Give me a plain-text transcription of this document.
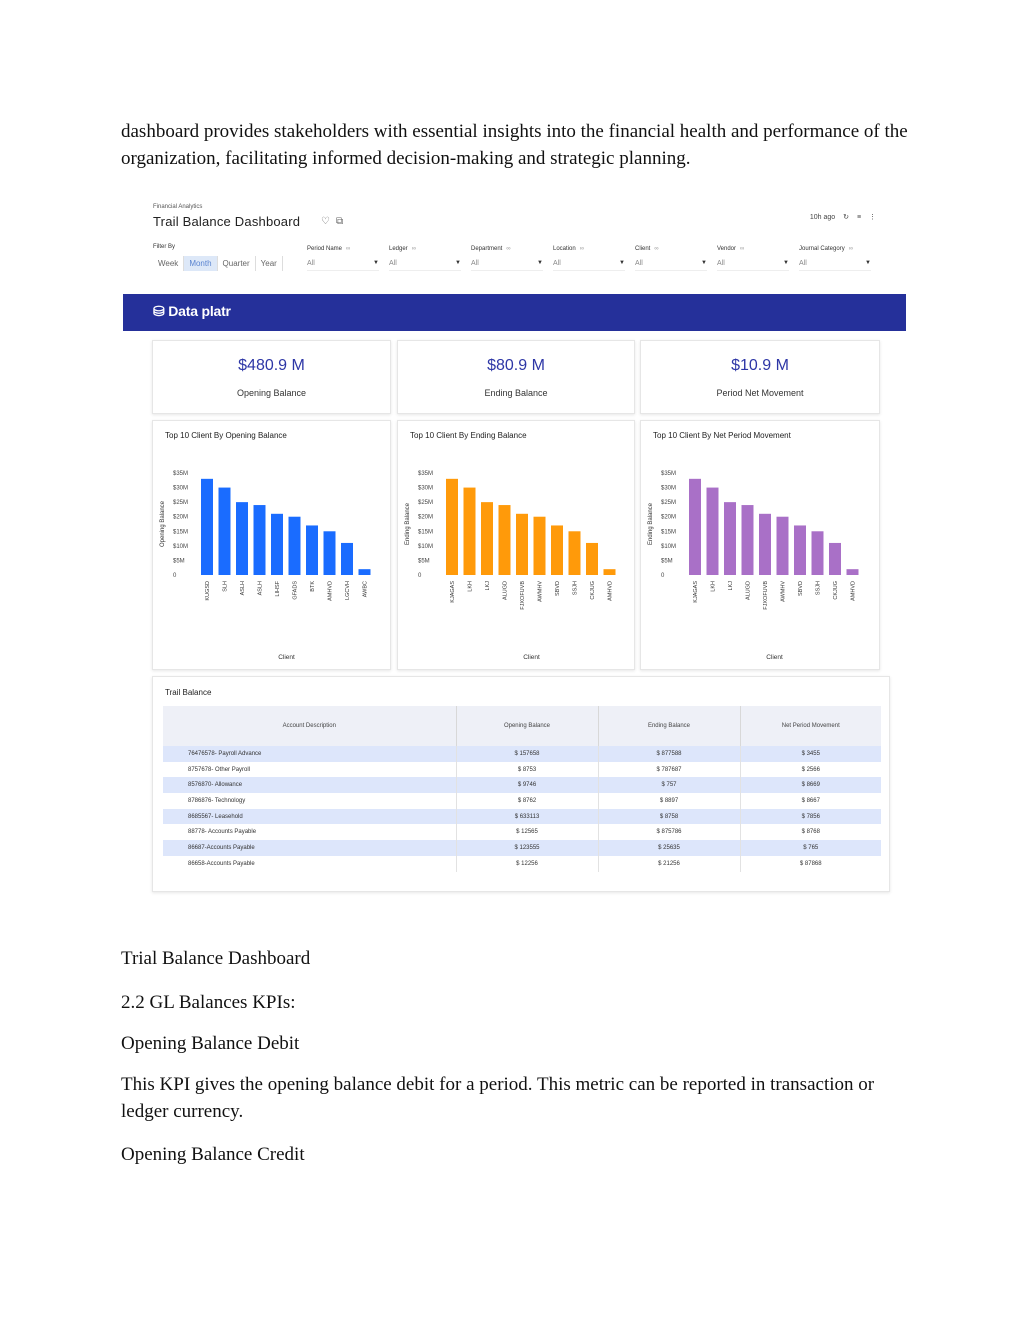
dashboard provides stakeholders with essential insights into the financial health and performance of the organization, facilitating informed decision-making and strategic planning.
Financial Analytics
Trail Balance Dashboard ♡ ⧉	10h ago ↻ ≡ ⋮
Filter By
Week	Month	Quarter	Year
Period Name ∞
All	▼
Ledger ∞
All	▼
Department ∞
All	▼
Location ∞
All	▼
Client ∞
All	▼
Vendor ∞
All	▼
Journal Category ∞
All	▼
⛁ Data platr
$480.9 M
Opening Balance
$80.9 M
Ending Balance
$10.9 M
Period Net Movement
Top 10 Client By Opening Balance
0
$5M
$10M
$15M
$20M
$25M
$30M
$35M
Opening Balance
KUGSD SLH ASLH ASLH LIHSF GFADS BTK AMHVD LGCVH AWBC
Client
Top 10 Client By Ending Balance
0
$5M
$10M
$15M
$20M
$25M
$30M
$35M
Ending Balance
KJAGAS LKH LKJ ALUGD FJXOFUVB AWMHV SBVD SSJH CKJUG AMHVD
Client
Top 10 Client By Net Period Movement
0
$5M
$10M
$15M
$20M
$25M
$30M
$35M
Ending Balance
KJAGAS LKH LKJ ALUGD FJXOFUVB AWMHV SBVD SSJH CKJUG AMHVD
Client
Trail Balance
Account Description	Opening Balance	Ending Balance	Net Period Movement
76476578- Payroll Advance	$ 157658	$ 877588	$ 3455
8757678- Other Payroll	$ 8753	$ 787687	$ 2566
8576870- Allowance	$ 9746	$ 757	$ 8669
8786876- Technology	$ 8762	$ 8897	$ 8667
8685567- Leasehold	$ 633113	$ 8758	$ 7856
88778- Accounts Payable	$ 12565	$ 875786	$ 8768
86687-Accounts Payable	$ 123555	$ 25635	$ 765
86658-Accounts Payable	$ 12256	$ 21256	$ 87868

Trial Balance Dashboard

2.2 GL Balances KPIs:

Opening Balance Debit

This KPI gives the opening balance debit for a period. This metric can be reported in transaction or ledger currency.

Opening Balance Credit
